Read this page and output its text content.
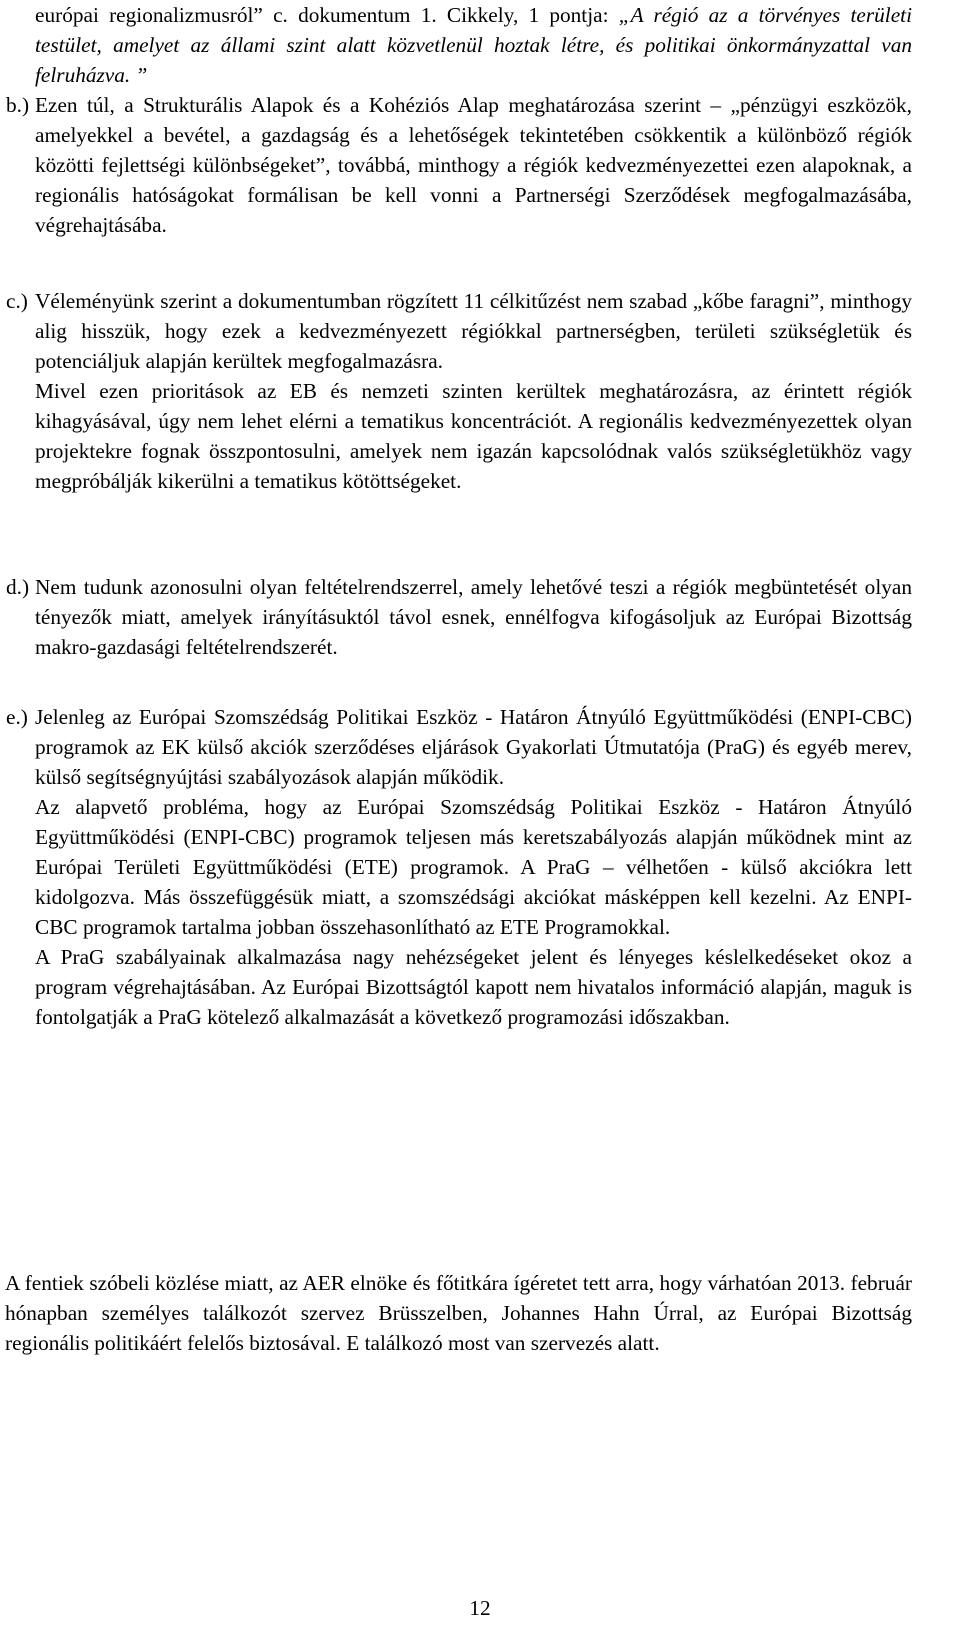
európai regionalizmusról” c. dokumentum 1. Cikkely, 1 pontja: „A régió az a törvényes területi testület, amelyet az állami szint alatt közvetlenül hoztak létre, és politikai önkormányzattal van felruházva. ”
b.) Ezen túl, a Strukturális Alapok és a Kohéziós Alap meghatározása szerint – „pénzügyi eszközök, amelyekkel a bevétel, a gazdagság és a lehetőségek tekintetében csökkentik a különböző régiók közötti fejlettségi különbségeket”, továbbá, minthogy a régiók kedvezményezettei ezen alapoknak, a regionális hatóságokat formálisan be kell vonni a Partnerségi Szerződések megfogalmazásába, végrehajtásába.

c.) Véleményünk szerint a dokumentumban rögzített 11 célkitűzést nem szabad „kőbe faragni”, minthogy alig hisszük, hogy ezek a kedvezményezett régiókkal partnerségben, területi szükségletük és potenciáljuk alapján kerültek megfogalmazásra.

Mivel ezen prioritások az EB és nemzeti szinten kerültek meghatározásra, az érintett régiók kihagyásával, úgy nem lehet elérni a tematikus koncentrációt. A regionális kedvezményezettek olyan projektekre fognak összpontosulni, amelyek nem igazán kapcsolódnak valós szükségletükhöz vagy megpróbálják kikerülni a tematikus kötöttségeket.

d.) Nem tudunk azonosulni olyan feltételrendszerrel, amely lehetővé teszi a régiók megbüntetését olyan tényezők miatt, amelyek irányításuktól távol esnek, ennélfogva kifogásoljuk az Európai Bizottság makro-gazdasági feltételrendszerét.

e.) Jelenleg az Európai Szomszédság Politikai Eszköz - Határon Átnyúló Együttműködési (ENPI-CBC) programok az EK külső akciók szerződéses eljárások Gyakorlati Útmutatója (PraG) és egyéb merev, külső segítségnyújtási szabályozások alapján működik.

Az alapvető probléma, hogy az Európai Szomszédság Politikai Eszköz - Határon Átnyúló Együttműködési (ENPI-CBC) programok teljesen más keretszabályozás alapján működnek mint az Európai Területi Együttműködési (ETE) programok. A PraG – vélhetően - külső akciókra lett kidolgozva. Más összefüggésük miatt, a szomszédsági akciókat másképpen kell kezelni. Az ENPI-CBC programok tartalma jobban összehasonlítható az ETE Programokkal.

A PraG szabályainak alkalmazása nagy nehézségeket jelent és lényeges késlelkedéseket okoz a program végrehajtásában. Az Európai Bizottságtól kapott nem hivatalos információ alapján, maguk is fontolgatják a PraG kötelező alkalmazását a következő programozási időszakban.

A fentiek szóbeli közlése miatt, az AER elnöke és főtitkára ígéretet tett arra, hogy várhatóan 2013. február hónapban személyes találkozót szervez Brüsszelben, Johannes Hahn Úrral, az Európai Bizottság regionális politikáért felelős biztosával. E találkozó most van szervezés alatt.

12
